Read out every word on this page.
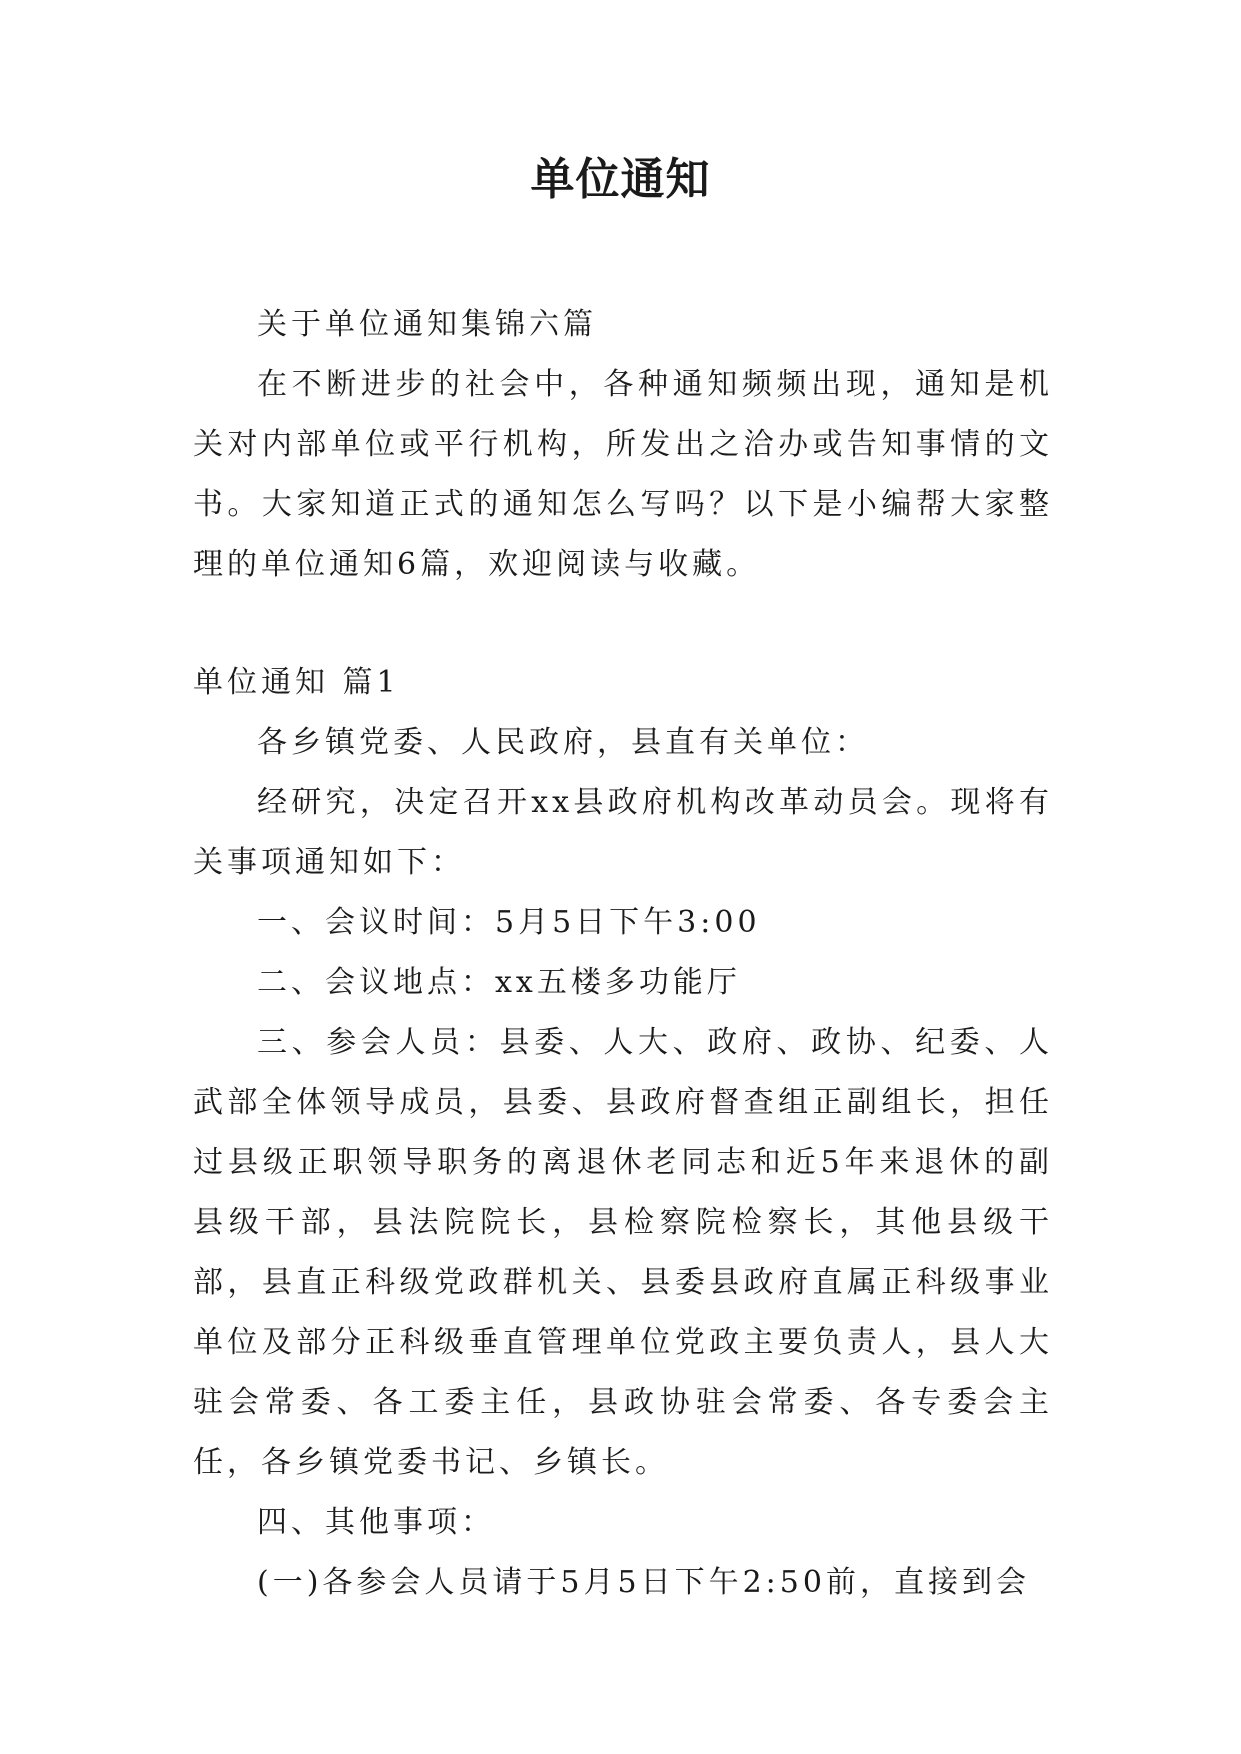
单位通知

关于单位通知集锦六篇

在不断进步的社会中，各种通知频频出现，通知是机关对内部单位或平行机构，所发出之洽办或告知事情的文书。大家知道正式的通知怎么写吗？以下是小编帮大家整理的单位通知6篇，欢迎阅读与收藏。

单位通知 篇1

各乡镇党委、人民政府，县直有关单位：

经研究，决定召开xx县政府机构改革动员会。现将有关事项通知如下：

一、会议时间：5月5日下午3:00

二、会议地点：xx五楼多功能厅

三、参会人员：县委、人大、政府、政协、纪委、人武部全体领导成员，县委、县政府督查组正副组长，担任过县级正职领导职务的离退休老同志和近5年来退休的副县级干部，县法院院长，县检察院检察长，其他县级干部，县直正科级党政群机关、县委县政府直属正科级事业单位及部分正科级垂直管理单位党政主要负责人，县人大驻会常委、各工委主任，县政协驻会常委、各专委会主任，各乡镇党委书记、乡镇长。

四、其他事项：

(一)各参会人员请于5月5日下午2:50前，直接到会
